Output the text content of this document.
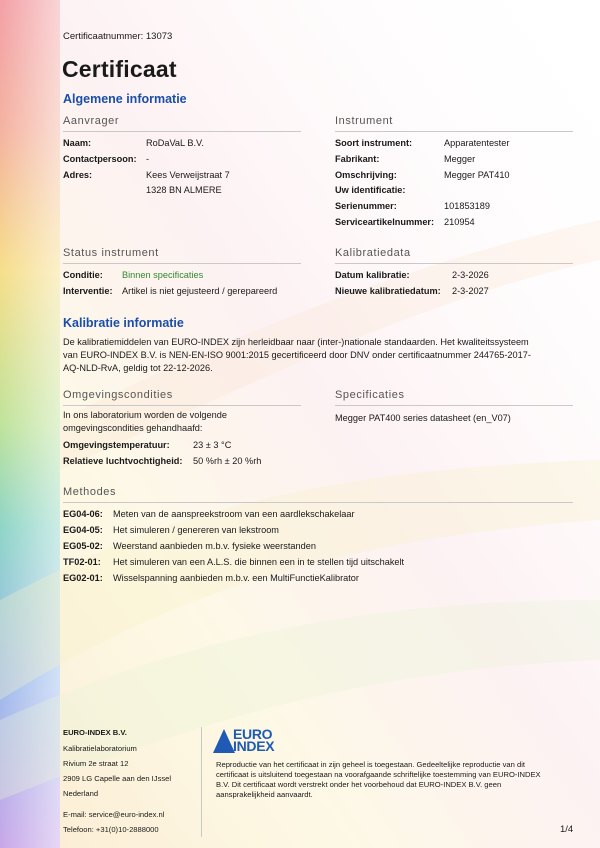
Certificaatnummer: 13073
Certificaat
Algemene informatie
Aanvrager
Naam:	RoDaVaL B.V.
Contactpersoon: -
Adres:	Kees Verweijstraat 7
1328 BN ALMERE
Instrument
Soort instrument:	Apparatentester
Fabrikant:	Megger
Omschrijving:	Megger PAT410
Uw identificatie:
Serienummer:	101853189
Serviceartikelnummer: 210954
Status instrument
Conditie: Binnen specificaties
Interventie: Artikel is niet gejusteerd / gerepareerd
Kalibratiedata
Datum kalibratie:	2-3-2026
Nieuwe kalibratiedatum: 2-3-2027
Kalibratie informatie
De kalibratiemiddelen van EURO-INDEX zijn herleidbaar naar (inter-)nationale standaarden. Het kwaliteitssysteem
van EURO-INDEX B.V. is NEN-EN-ISO 9001:2015 gecertificeerd door DNV onder certificaatnummer 244765-2017-
AQ-NLD-RvA, geldig tot 22-12-2026.
Omgevingscondities
In ons laboratorium worden de volgende
omgevingscondities gehandhaafd:
Omgevingstemperatuur:	23 ± 3 °C
Relatieve luchtvochtigheid: 50 %rh ± 20 %rh
Specificaties
Megger PAT400 series datasheet (en_V07)
Methodes
EG04-06: Meten van de aanspreekstroom van een aardlekschakelaar
EG04-05: Het simuleren / genereren van lekstroom
EG05-02: Weerstand aanbieden m.b.v. fysieke weerstanden
TF02-01: Het simuleren van een A.L.S. die binnen een in te stellen tijd uitschakelt
EG02-01: Wisselspanning aanbieden m.b.v. een MultiFunctieKalibrator
EURO-INDEX B.V.
Kalibratielaboratorium
Rivium 2e straat 12
2909 LG Capelle aan den IJssel
Nederland
E-mail: service@euro-index.nl
Telefoon: +31(0)10-2888000
EURO
INDEX
Reproductie van het certificaat in zijn geheel is toegestaan. Gedeeltelijke reproductie van dit
certificaat is uitsluitend toegestaan na voorafgaande schriftelijke toestemming van EURO-INDEX
B.V. Dit certificaat wordt verstrekt onder het voorbehoud dat EURO-INDEX B.V. geen
aansprakelijkheid aanvaardt.
1/4
